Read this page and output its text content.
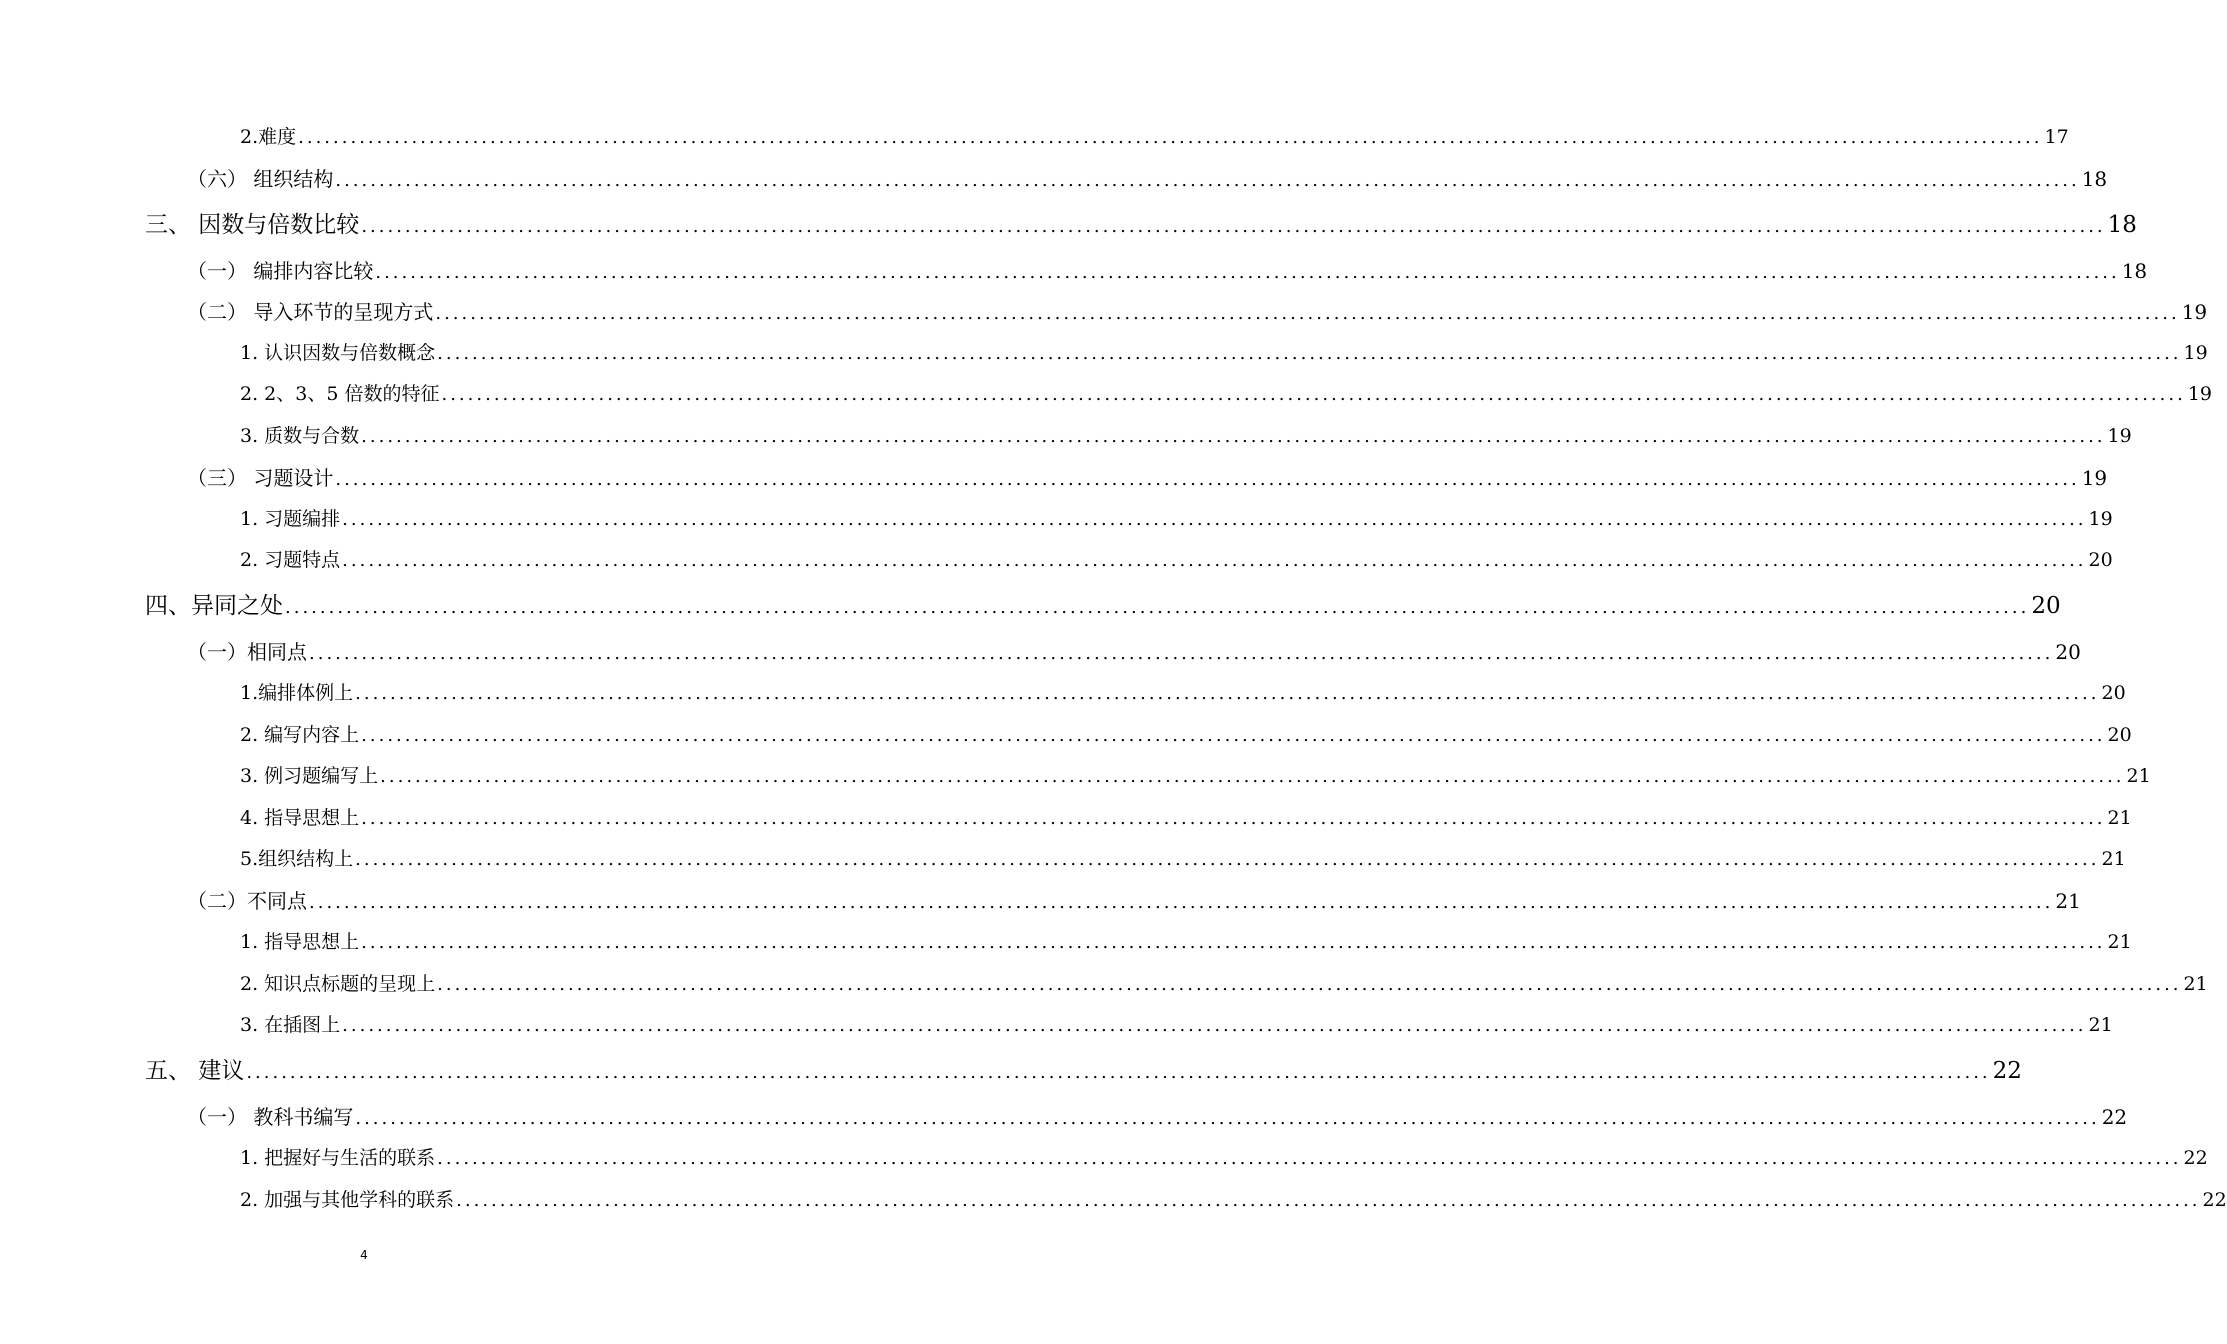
2.难度 ........................................................................................................................................................................................................ 17
（六） 组织结构 ........................................................................................................................................................................................................ 18
三、 因数与倍数比较 ........................................................................................................................................................................................................ 18
（一） 编排内容比较 ........................................................................................................................................................................................................ 18
（二） 导入环节的呈现方式 ........................................................................................................................................................................................................ 19
1. 认识因数与倍数概念 ........................................................................................................................................................................................................ 19
2. 2、3、5 倍数的特征 ........................................................................................................................................................................................................ 19
3. 质数与合数 ........................................................................................................................................................................................................ 19
（三） 习题设计 ........................................................................................................................................................................................................ 19
1. 习题编排 ........................................................................................................................................................................................................ 19
2. 习题特点 ........................................................................................................................................................................................................ 20
四、异同之处 ........................................................................................................................................................................................................ 20
（一）相同点 ........................................................................................................................................................................................................ 20
1.编排体例上 ........................................................................................................................................................................................................ 20
2. 编写内容上 ........................................................................................................................................................................................................ 20
3. 例习题编写上 ........................................................................................................................................................................................................ 21
4. 指导思想上 ........................................................................................................................................................................................................ 21
5.组织结构上 ........................................................................................................................................................................................................ 21
（二）不同点 ........................................................................................................................................................................................................ 21
1. 指导思想上 ........................................................................................................................................................................................................ 21
2. 知识点标题的呈现上 ........................................................................................................................................................................................................ 21
3. 在插图上 ........................................................................................................................................................................................................ 21
五、 建议 ........................................................................................................................................................................................................ 22
（一） 教科书编写 ........................................................................................................................................................................................................ 22
1. 把握好与生活的联系 ........................................................................................................................................................................................................ 22
2. 加强与其他学科的联系 ........................................................................................................................................................................................................ 22
4
